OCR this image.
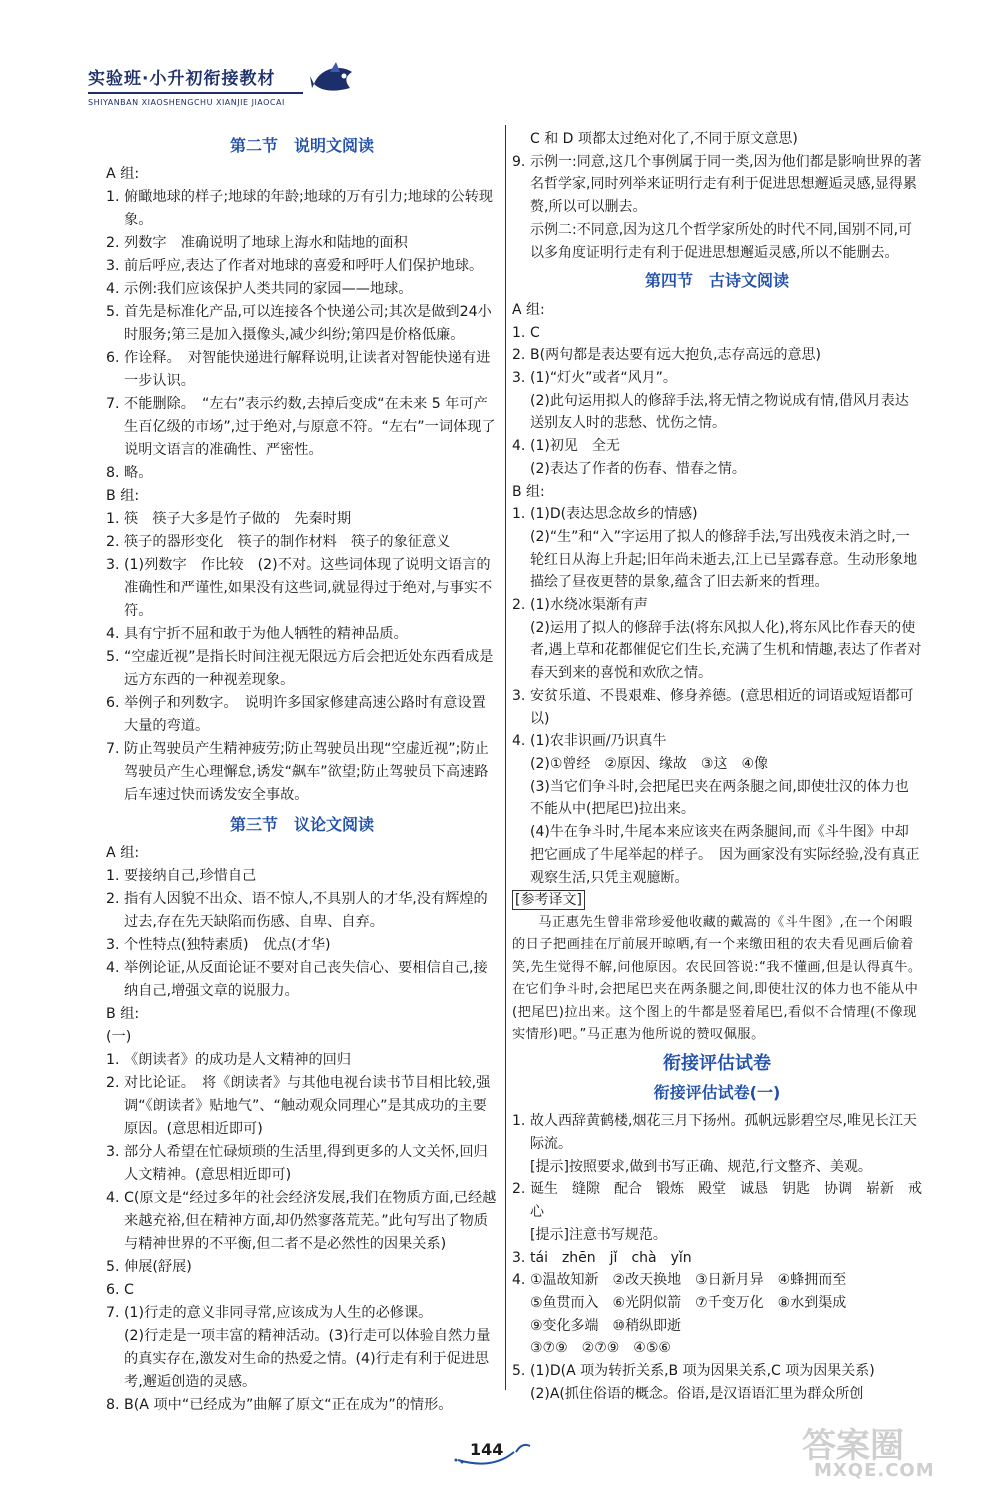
实验班·小升初衔接教材
SHIYANBAN XIAOSHENGCHU XIANJIE JIAOCAI
第二节　说明文阅读
A 组:
1. 俯瞰地球的样子;地球的年龄;地球的万有引力;地球的公转现象。
2. 列数字　准确说明了地球上海水和陆地的面积
3. 前后呼应,表达了作者对地球的喜爱和呼吁人们保护地球。
4. 示例:我们应该保护人类共同的家园——地球。
5. 首先是标准化产品,可以连接各个快递公司;其次是做到24小时服务;第三是加入摄像头,减少纠纷;第四是价格低廉。
6. 作诠释。　对智能快递进行解释说明,让读者对智能快递有进一步认识。
7. 不能删除。　“左右”表示约数,去掉后变成“在未来 5 年可产生百亿级的市场”,过于绝对,与原意不符。“左右”一词体现了说明文语言的准确性、严密性。
8. 略。
B 组:
1. 筷　筷子大多是竹子做的　先秦时期
2. 筷子的器形变化　筷子的制作材料　筷子的象征意义
3. (1)列数字　作比较　(2)不对。这些词体现了说明文语言的准确性和严谨性,如果没有这些词,就显得过于绝对,与事实不符。
4. 具有宁折不屈和敢于为他人牺牲的精神品质。
5. “空虚近视”是指长时间注视无限远方后会把近处东西看成是远方东西的一种视差现象。
6. 举例子和列数字。　说明许多国家修建高速公路时有意设置大量的弯道。
7. 防止驾驶员产生精神疲劳;防止驾驶员出现“空虚近视”;防止驾驶员产生心理懈怠,诱发“飙车”欲望;防止驾驶员下高速路后车速过快而诱发安全事故。
第三节　议论文阅读
A 组:
1. 要接纳自己,珍惜自己
2. 指有人因貌不出众、语不惊人,不具别人的才华,没有辉煌的过去,存在先天缺陷而伤感、自卑、自弃。
3. 个性特点(独特素质)　优点(才华)
4. 举例论证,从反面论证不要对自己丧失信心、要相信自己,接纳自己,增强文章的说服力。
B 组:
(一)
1. 《朗读者》的成功是人文精神的回归
2. 对比论证。　将《朗读者》与其他电视台读书节目相比较,强调“《朗读者》贴地气”、“触动观众同理心”是其成功的主要原因。(意思相近即可)
3. 部分人希望在忙碌烦琐的生活里,得到更多的人文关怀,回归人文精神。(意思相近即可)
4. C(原文是“经过多年的社会经济发展,我们在物质方面,已经越来越充裕,但在精神方面,却仍然寥落荒芜。”此句写出了物质与精神世界的不平衡,但二者不是必然性的因果关系)
5. 伸展(舒展)
6. C
7. (1)行走的意义非同寻常,应该成为人生的必修课。
(2)行走是一项丰富的精神活动。(3)行走可以体验自然力量的真实存在,激发对生命的热爱之情。(4)行走有利于促进思考,邂逅创造的灵感。
8. B(A 项中“已经成为”曲解了原文“正在成为”的情形。
C 和 D 项都太过绝对化了,不同于原文意思)
9. 示例一:同意,这几个事例属于同一类,因为他们都是影响世界的著名哲学家,同时列举来证明行走有利于促进思想邂逅灵感,显得累赘,所以可以删去。
示例二:不同意,因为这几个哲学家所处的时代不同,国别不同,可以多角度证明行走有利于促进思想邂逅灵感,所以不能删去。
第四节　古诗文阅读
A 组:
1. C
2. B(两句都是表达要有远大抱负,志存高远的意思)
3. (1)“灯火”或者“风月”。
(2)此句运用拟人的修辞手法,将无情之物说成有情,借风月表达送别友人时的悲愁、忧伤之情。
4. (1)初见　全无
(2)表达了作者的伤春、惜春之情。
B 组:
1. (1)D(表达思念故乡的情感)
(2)“生”和“入”字运用了拟人的修辞手法,写出残夜未消之时,一轮红日从海上升起;旧年尚未逝去,江上已呈露春意。生动形象地描绘了昼夜更替的景象,蕴含了旧去新来的哲理。
2. (1)水绕冰渠渐有声
(2)运用了拟人的修辞手法(将东风拟人化),将东风比作春天的使者,遇上草和花都催促它们生长,充满了生机和情趣,表达了作者对春天到来的喜悦和欢欣之情。
3. 安贫乐道、不畏艰难、修身养德。(意思相近的词语或短语都可以)
4. (1)农非识画/乃识真牛
(2)①曾经　②原因、缘故　③这　④像
(3)当它们争斗时,会把尾巴夹在两条腿之间,即使壮汉的体力也不能从中(把尾巴)拉出来。
(4)牛在争斗时,牛尾本来应该夹在两条腿间,而《斗牛图》中却把它画成了牛尾举起的样子。　因为画家没有实际经验,没有真正观察生活,只凭主观臆断。
[参考译文]
马正惠先生曾非常珍爱他收藏的戴嵩的《斗牛图》,在一个闲暇的日子把画挂在厅前展开晾晒,有一个来缴田租的农夫看见画后偷着笑,先生觉得不解,问他原因。农民回答说:“我不懂画,但是认得真牛。在它们争斗时,会把尾巴夹在两条腿之间,即使壮汉的体力也不能从中(把尾巴)拉出来。这个图上的牛都是竖着尾巴,看似不合情理(不像现实情形)吧。”马正惠为他所说的赞叹佩服。
衔接评估试卷
衔接评估试卷(一)
1. 故人西辞黄鹤楼,烟花三月下扬州。孤帆远影碧空尽,唯见长江天际流。
[提示]按照要求,做到书写正确、规范,行文整齐、美观。
2. 诞生　缝隙　配合　锻炼　殿堂　诚恳　钥匙　协调　崭新　戒心
[提示]注意书写规范。
3. tái　zhēn　jǐ　chà　yǐn
4. ①温故知新　②改天换地　③日新月异　④蜂拥而至
⑤鱼贯而入　⑥光阴似箭　⑦千变万化　⑧水到渠成
⑨变化多端　⑩稍纵即逝
③⑦⑨　②⑦⑨　④⑤⑥
5. (1)D(A 项为转折关系,B 项为因果关系,C 项为因果关系)
(2)A(抓住俗语的概念。俗语,是汉语语汇里为群众所创
144	答案圈
MXQE.COM
